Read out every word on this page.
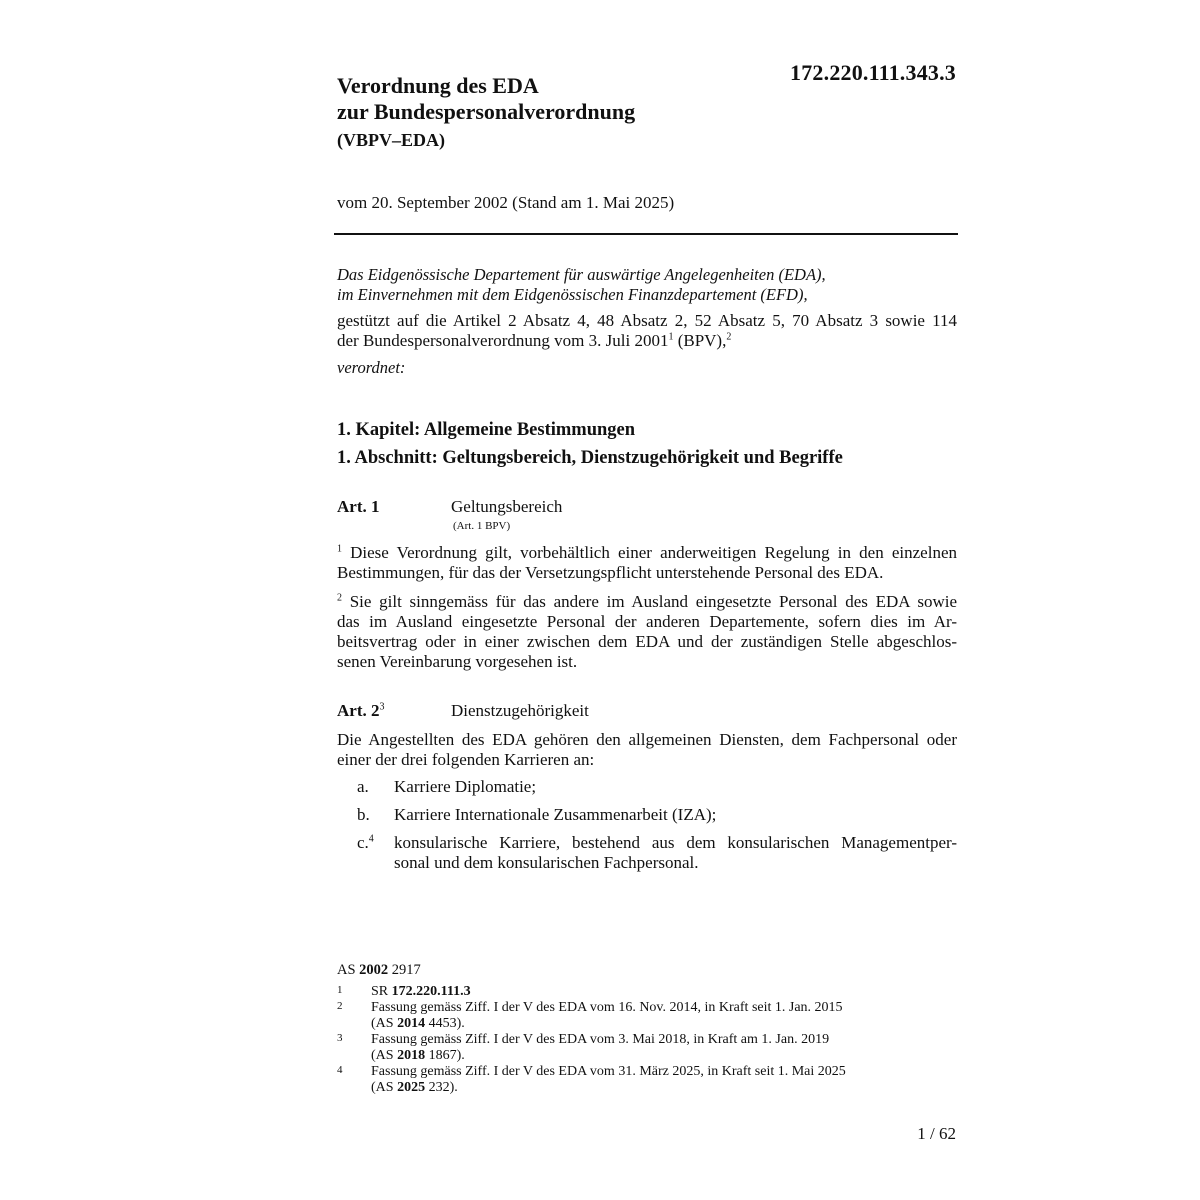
172.220.111.343.3
Verordnung des EDA
zur Bundespersonalverordnung
(VBPV–EDA)
vom 20. September 2002 (Stand am 1. Mai 2025)
Das Eidgenössische Departement für auswärtige Angelegenheiten (EDA),
im Einvernehmen mit dem Eidgenössischen Finanzdepartement (EFD),
gestützt auf die Artikel 2 Absatz 4, 48 Absatz 2, 52 Absatz 5, 70 Absatz 3 sowie 114
der Bundespersonalverordnung vom 3. Juli 2001$^1$ (BPV),$^2$
verordnet:
1. Kapitel: Allgemeine Bestimmungen
1. Abschnitt: Geltungsbereich, Dienstzugehörigkeit und Begriffe
Art. 1	Geltungsbereich
(Art. 1 BPV)
$^1$ Diese Verordnung gilt, vorbehältlich einer anderweitigen Regelung in den einzelnen
Bestimmungen, für das der Versetzungspflicht unterstehende Personal des EDA.
$^2$ Sie gilt sinngemäss für das andere im Ausland eingesetzte Personal des EDA sowie
das im Ausland eingesetzte Personal der anderen Departemente, sofern dies im Ar-
beitsvertrag oder in einer zwischen dem EDA und der zuständigen Stelle abgeschlos-
senen Vereinbarung vorgesehen ist.
Art. $2^3$	Dienstzugehörigkeit
Die Angestellten des EDA gehören den allgemeinen Diensten, dem Fachpersonal oder
einer der drei folgenden Karrieren an:
a. Karriere Diplomatie;
b. Karriere Internationale Zusammenarbeit (IZA);
c.$^4$ konsularische Karriere, bestehend aus dem konsularischen Managementper-
sonal und dem konsularischen Fachpersonal.
AS 2002 2917
1 SR 172.220.111.3
2 Fassung gemäss Ziff. I der V des EDA vom 16. Nov. 2014, in Kraft seit 1. Jan. 2015
(AS 2014 4453).
3 Fassung gemäss Ziff. I der V des EDA vom 3. Mai 2018, in Kraft am 1. Jan. 2019
(AS 2018 1867).
4 Fassung gemäss Ziff. I der V des EDA vom 31. März 2025, in Kraft seit 1. Mai 2025
(AS 2025 232).
1 / 62
